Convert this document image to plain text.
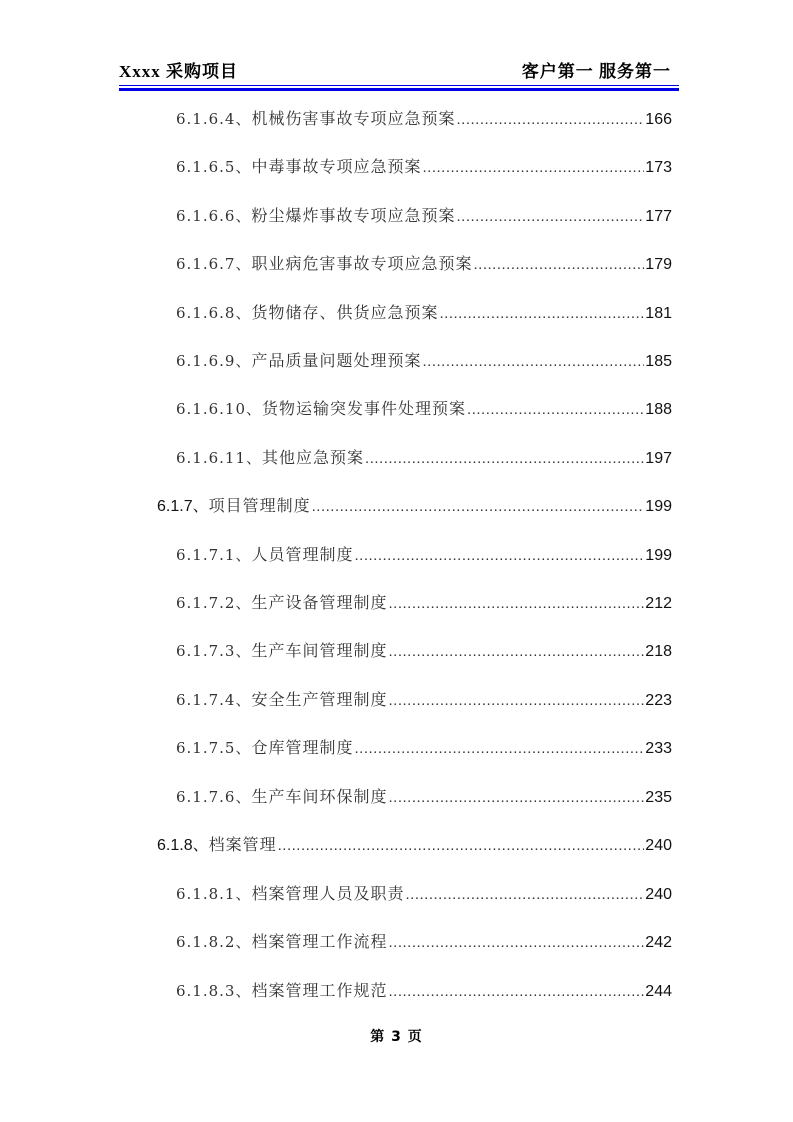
Xxxx 采购项目	客户第一 服务第一
6.1.6.4、 机械伤害事故专项应急预案 .....	166
6.1.6.5、 中毒事故专项应急预案 .....	173
6.1.6.6、 粉尘爆炸事故专项应急预案 .....	177
6.1.6.7、 职业病危害事故专项应急预案 .....	179
6.1.6.8、 货物储存、供货应急预案 .....	181
6.1.6.9、 产品质量问题处理预案 .....	185
6.1.6.10、 货物运输突发事件处理预案 .....	188
6.1.6.11、 其他应急预案 .....	197
6.1.7、 项目管理制度 .....	199
6.1.7.1、 人员管理制度 .....	199
6.1.7.2、 生产设备管理制度 .....	212
6.1.7.3、 生产车间管理制度 .....	218
6.1.7.4、 安全生产管理制度 .....	223
6.1.7.5、 仓库管理制度 .....	233
6.1.7.6、 生产车间环保制度 .....	235
6.1.8、 档案管理 .....	240
6.1.8.1、 档案管理人员及职责 .....	240
6.1.8.2、 档案管理工作流程 .....	242
6.1.8.3、 档案管理工作规范 .....	244
第 3 页
